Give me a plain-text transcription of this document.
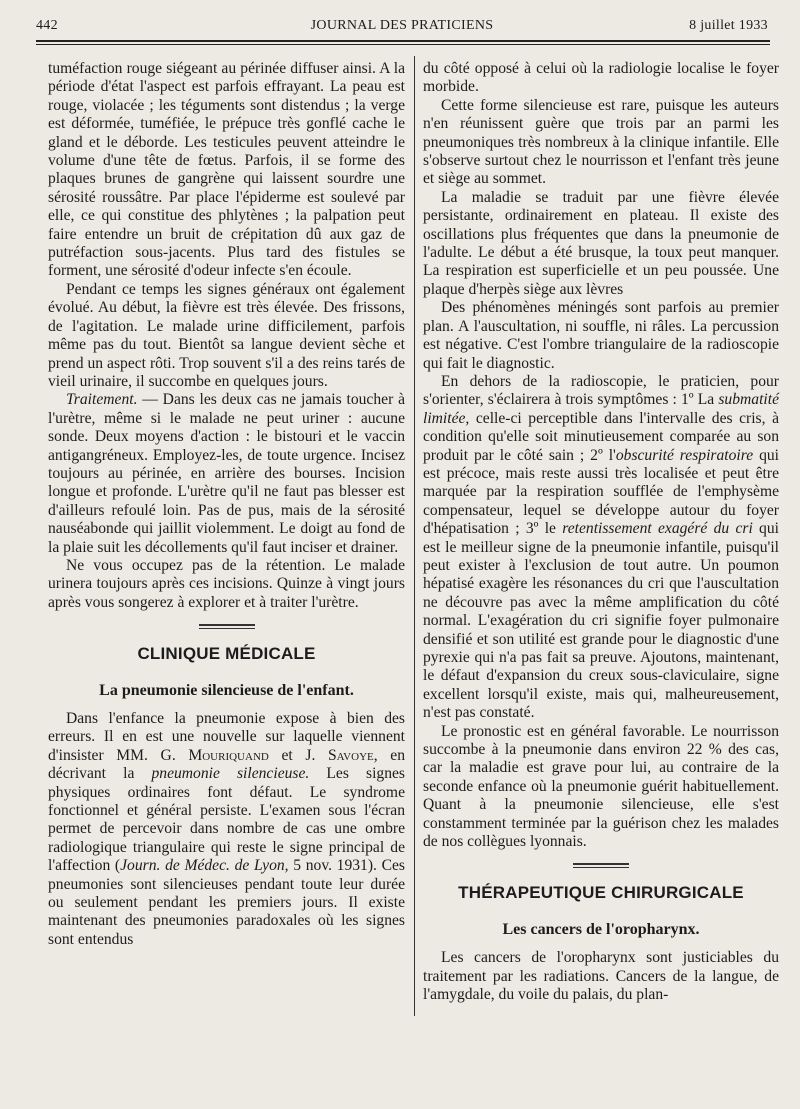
442	JOURNAL DES PRATICIENS	8 juillet 1933

tuméfaction rouge siégeant au périnée diffuser ainsi. A la période d'état l'aspect est parfois effrayant. La peau est rouge, violacée ; les téguments sont distendus ; la verge est déformée, tuméfiée, le prépuce très gonflé cache le gland et le déborde. Les testicules peuvent atteindre le volume d'une tête de fœtus. Parfois, il se forme des plaques brunes de gangrène qui laissent sourdre une sérosité roussâtre. Par place l'épiderme est soulevé par elle, ce qui constitue des phlytènes ; la palpation peut faire entendre un bruit de crépitation dû aux gaz de putréfaction sous-jacents. Plus tard des fistules se forment, une sérosité d'odeur infecte s'en écoule.

Pendant ce temps les signes généraux ont également évolué. Au début, la fièvre est très élevée. Des frissons, de l'agitation. Le malade urine difficilement, parfois même pas du tout. Bientôt sa langue devient sèche et prend un aspect rôti. Trop souvent s'il a des reins tarés de vieil urinaire, il succombe en quelques jours.

Traitement. — Dans les deux cas ne jamais toucher à l'urètre, même si le malade ne peut uriner : aucune sonde. Deux moyens d'action : le bistouri et le vaccin antigangréneux. Employez-les, de toute urgence. Incisez toujours au périnée, en arrière des bourses. Incision longue et profonde. L'urètre qu'il ne faut pas blesser est d'ailleurs refoulé loin. Pas de pus, mais de la sérosité nauséabonde qui jaillit violemment. Le doigt au fond de la plaie suit les décollements qu'il faut inciser et drainer.

Ne vous occupez pas de la rétention. Le malade urinera toujours après ces incisions. Quinze à vingt jours après vous songerez à explorer et à traiter l'urètre.

CLINIQUE MÉDICALE
La pneumonie silencieuse de l'enfant.

Dans l'enfance la pneumonie expose à bien des erreurs. Il en est une nouvelle sur laquelle viennent d'insister MM. G. Mouriquand et J. Savoye, en décrivant la pneumonie silencieuse. Les signes physiques ordinaires font défaut. Le syndrome fonctionnel et général persiste. L'examen sous l'écran permet de percevoir dans nombre de cas une ombre radiologique triangulaire qui reste le signe principal de l'affection (Journ. de Médec. de Lyon, 5 nov. 1931). Ces pneumonies sont silencieuses pendant toute leur durée ou seulement pendant les premiers jours. Il existe maintenant des pneumonies paradoxales où les signes sont entendus

du côté opposé à celui où la radiologie localise le foyer morbide.

Cette forme silencieuse est rare, puisque les auteurs n'en réunissent guère que trois par an parmi les pneumoniques très nombreux à la clinique infantile. Elle s'observe surtout chez le nourrisson et l'enfant très jeune et siège au sommet.

La maladie se traduit par une fièvre élevée persistante, ordinairement en plateau. Il existe des oscillations plus fréquentes que dans la pneumonie de l'adulte. Le début a été brusque, la toux peut manquer. La respiration est superficielle et un peu poussée. Une plaque d'herpès siège aux lèvres

Des phénomènes méningés sont parfois au premier plan. A l'auscultation, ni souffle, ni râles. La percussion est négative. C'est l'ombre triangulaire de la radioscopie qui fait le diagnostic.

En dehors de la radioscopie, le praticien, pour s'orienter, s'éclairera à trois symptômes : 1º La submatité limitée, celle-ci perceptible dans l'intervalle des cris, à condition qu'elle soit minutieusement comparée au son produit par le côté sain ; 2º l'obscurité respiratoire qui est précoce, mais reste aussi très localisée et peut être marquée par la respiration soufflée de l'emphysème compensateur, lequel se développe autour du foyer d'hépatisation ; 3º le retentissement exagéré du cri qui est le meilleur signe de la pneumonie infantile, puisqu'il peut exister à l'exclusion de tout autre. Un poumon hépatisé exagère les résonances du cri que l'auscultation ne découvre pas avec la même amplification du côté normal. L'exagération du cri signifie foyer pulmonaire densifié et son utilité est grande pour le diagnostic d'une pyrexie qui n'a pas fait sa preuve. Ajoutons, maintenant, le défaut d'expansion du creux sous-claviculaire, signe excellent lorsqu'il existe, mais qui, malheureusement, n'est pas constaté.

Le pronostic est en général favorable. Le nourrisson succombe à la pneumonie dans environ 22 % des cas, car la maladie est grave pour lui, au contraire de la seconde enfance où la pneumonie guérit habituellement. Quant à la pneumonie silencieuse, elle s'est constamment terminée par la guérison chez les malades de nos collègues lyonnais.

THÉRAPEUTIQUE CHIRURGICALE
Les cancers de l'oropharynx.

Les cancers de l'oropharynx sont justiciables du traitement par les radiations. Cancers de la langue, de l'amygdale, du voile du palais, du plan-
